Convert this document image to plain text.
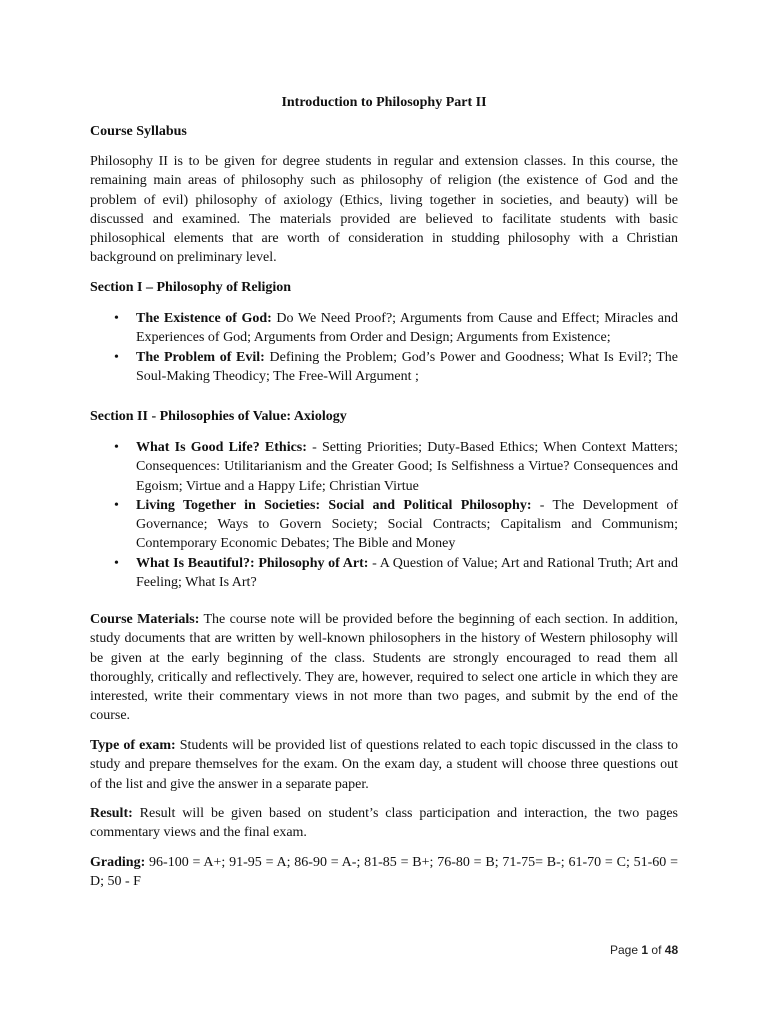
Introduction to Philosophy Part II
Course Syllabus

Philosophy II is to be given for degree students in regular and extension classes. In this course, the remaining main areas of philosophy such as philosophy of religion (the existence of God and the problem of evil) philosophy of axiology (Ethics, living together in societies, and beauty) will be discussed and examined. The materials provided are believed to facilitate students with basic philosophical elements that are worth of consideration in studding philosophy with a Christian background on preliminary level.

Section I – Philosophy of Religion
• The Existence of God: Do We Need Proof?; Arguments from Cause and Effect; Miracles and Experiences of God; Arguments from Order and Design; Arguments from Existence;
• The Problem of Evil: Defining the Problem; God’s Power and Goodness; What Is Evil?; The Soul-Making Theodicy; The Free-Will Argument ;
Section II - Philosophies of Value: Axiology
• What Is Good Life? Ethics: - Setting Priorities; Duty-Based Ethics; When Context Matters; Consequences: Utilitarianism and the Greater Good; Is Selfishness a Virtue? Consequences and Egoism; Virtue and a Happy Life; Christian Virtue
• Living Together in Societies: Social and Political Philosophy: - The Development of Governance; Ways to Govern Society; Social Contracts; Capitalism and Communism; Contemporary Economic Debates; The Bible and Money
• What Is Beautiful?: Philosophy of Art: - A Question of Value; Art and Rational Truth; Art and Feeling; What Is Art?

Course Materials: The course note will be provided before the beginning of each section. In addition, study documents that are written by well-known philosophers in the history of Western philosophy will be given at the early beginning of the class. Students are strongly encouraged to read them all thoroughly, critically and reflectively. They are, however, required to select one article in which they are interested, write their commentary views in not more than two pages, and submit by the end of the course.

Type of exam: Students will be provided list of questions related to each topic discussed in the class to study and prepare themselves for the exam. On the exam day, a student will choose three questions out of the list and give the answer in a separate paper.

Result: Result will be given based on student’s class participation and interaction, the two pages commentary views and the final exam.

Grading: 96-100 = A+; 91-95 = A; 86-90 = A-; 81-85 = B+; 76-80 = B; 71-75= B-; 61-70 = C; 51-60 = D; 50 - F

Page 1 of 48
